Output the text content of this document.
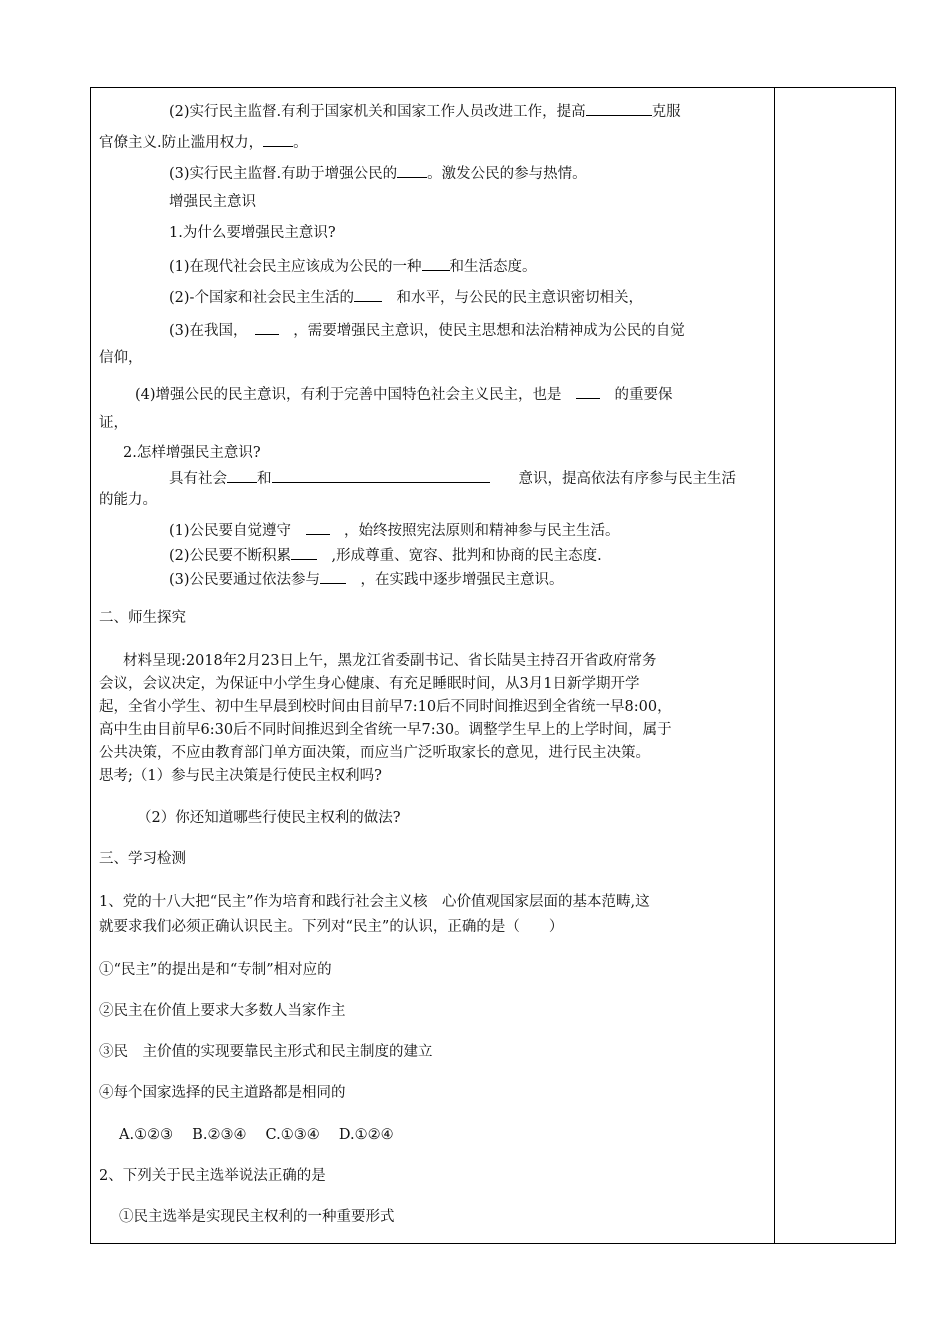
(2)实行民主监督.有利于国家机关和国家工作人员改进工作，提高	克服
官僚主义.防止滥用权力， 。
(3)实行民主监督.有助于增强公民的 。激发公民的参与热情。
增强民主意识
1.为什么要增强民主意识?
(1)在现代社会民主应该成为公民的一种 和生活态度。
(2)-个国家和社会民主生活的　	和水平，与公民的民主意识密切相关，
(3)在我国，　　	，需要增强民主意识，使民主思想和法治精神成为公民的自觉
信仰，
(4)增强公民的民主意识，有利于完善中国特色社会主义民主，也是　　	的重要保
证，
2.怎样增强民主意识?
具有社会 和　　	意识，提高依法有序参与民主生活
的能力。
(1)公民要自觉遵守　　	，始终按照宪法原则和精神参与民主生活。
(2)公民要不断积累　	,形成尊重、宽容、批判和协商的民主态度.
(3)公民要通过依法参与　	，在实践中逐步增强民主意识。
二、师生探究
材料呈现:2018年2月23日上午，黑龙江省委副书记、省长陆昊主持召开省政府常务
会议，会议决定，为保证中小学生身心健康、有充足睡眠时间，从3月1日新学期开学
起，全省小学生、初中生早晨到校时间由目前早7:10后不同时间推迟到全省统一早8:00，
高中生由目前早6:30后不同时间推迟到全省统一早7:30。调整学生早上的上学时间，属于
公共决策，不应由教育部门单方面决策，而应当广泛听取家长的意见，进行民主决策。
思考;（1）参与民主决策是行使民主权利吗?
（2）你还知道哪些行使民主权利的做法?
三、学习检测
1、党的十八大把“民主”作为培育和践行社会主义核　心价值观国家层面的基本范畴,这
就要求我们必须正确认识民主。下列对“民主”的认识，正确的是（　　）
①“民主”的提出是和“专制”相对应的
②民主在价值上要求大多数人当家作主
③民　主价值的实现要靠民主形式和民主制度的建立
④每个国家选择的民主道路都是相同的
A.①②③　 B.②③④　 C.①③④　 D.①②④
2、下列关于民主选举说法正确的是
①民主选举是实现民主权利的一种重要形式
